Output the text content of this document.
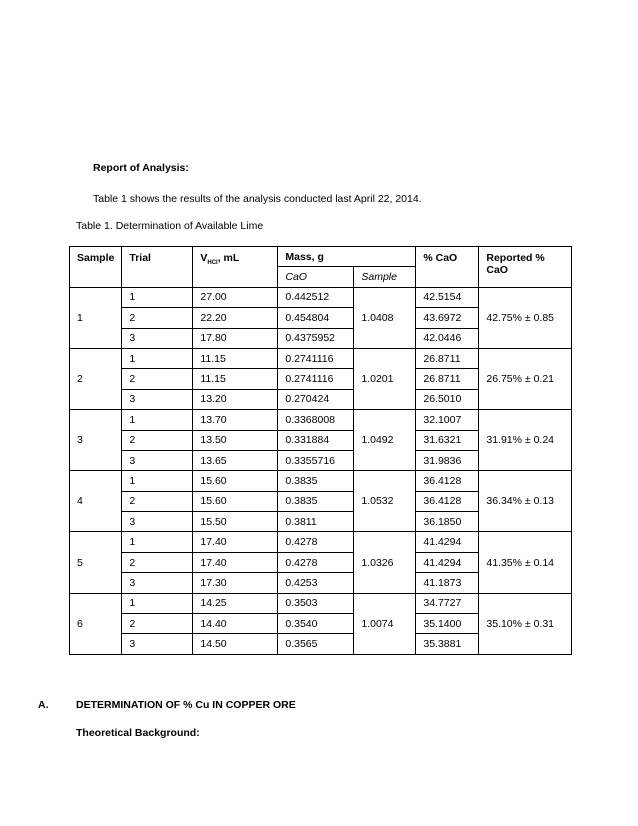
Report of Analysis:
Table 1 shows the results of the analysis conducted last April 22, 2014.
Table 1. Determination of Available Lime
Sample	Trial	$V_{HCl}$, mL	Mass, g		% CaO	Reported % CaO
			CaO	Sample		
1	1	27.00	0.442512	1.0408	42.5154	42.75% ± 0.85
	2	22.20	0.454804		43.6972	
	3	17.80	0.4375952		42.0446	
2	1	11.15	0.2741116	1.0201	26.8711	26.75% ± 0.21
	2	11.15	0.2741116		26.8711	
	3	13.20	0.270424		26.5010	
3	1	13.70	0.3368008	1.0492	32.1007	31.91% ± 0.24
	2	13.50	0.331884		31.6321	
	3	13.65	0.3355716		31.9836	
4	1	15.60	0.3835	1.0532	36.4128	36.34% ± 0.13
	2	15.60	0.3835		36.4128	
	3	15.50	0.3811		36.1850	
5	1	17.40	0.4278	1.0326	41.4294	41.35% ± 0.14
	2	17.40	0.4278		41.4294	
	3	17.30	0.4253		41.1873	
6	1	14.25	0.3503	1.0074	34.7727	35.10% ± 0.31
	2	14.40	0.3540		35.1400	
	3	14.50	0.3565		35.3881	
A.	DETERMINATION OF % Cu IN COPPER ORE
Theoretical Background:
